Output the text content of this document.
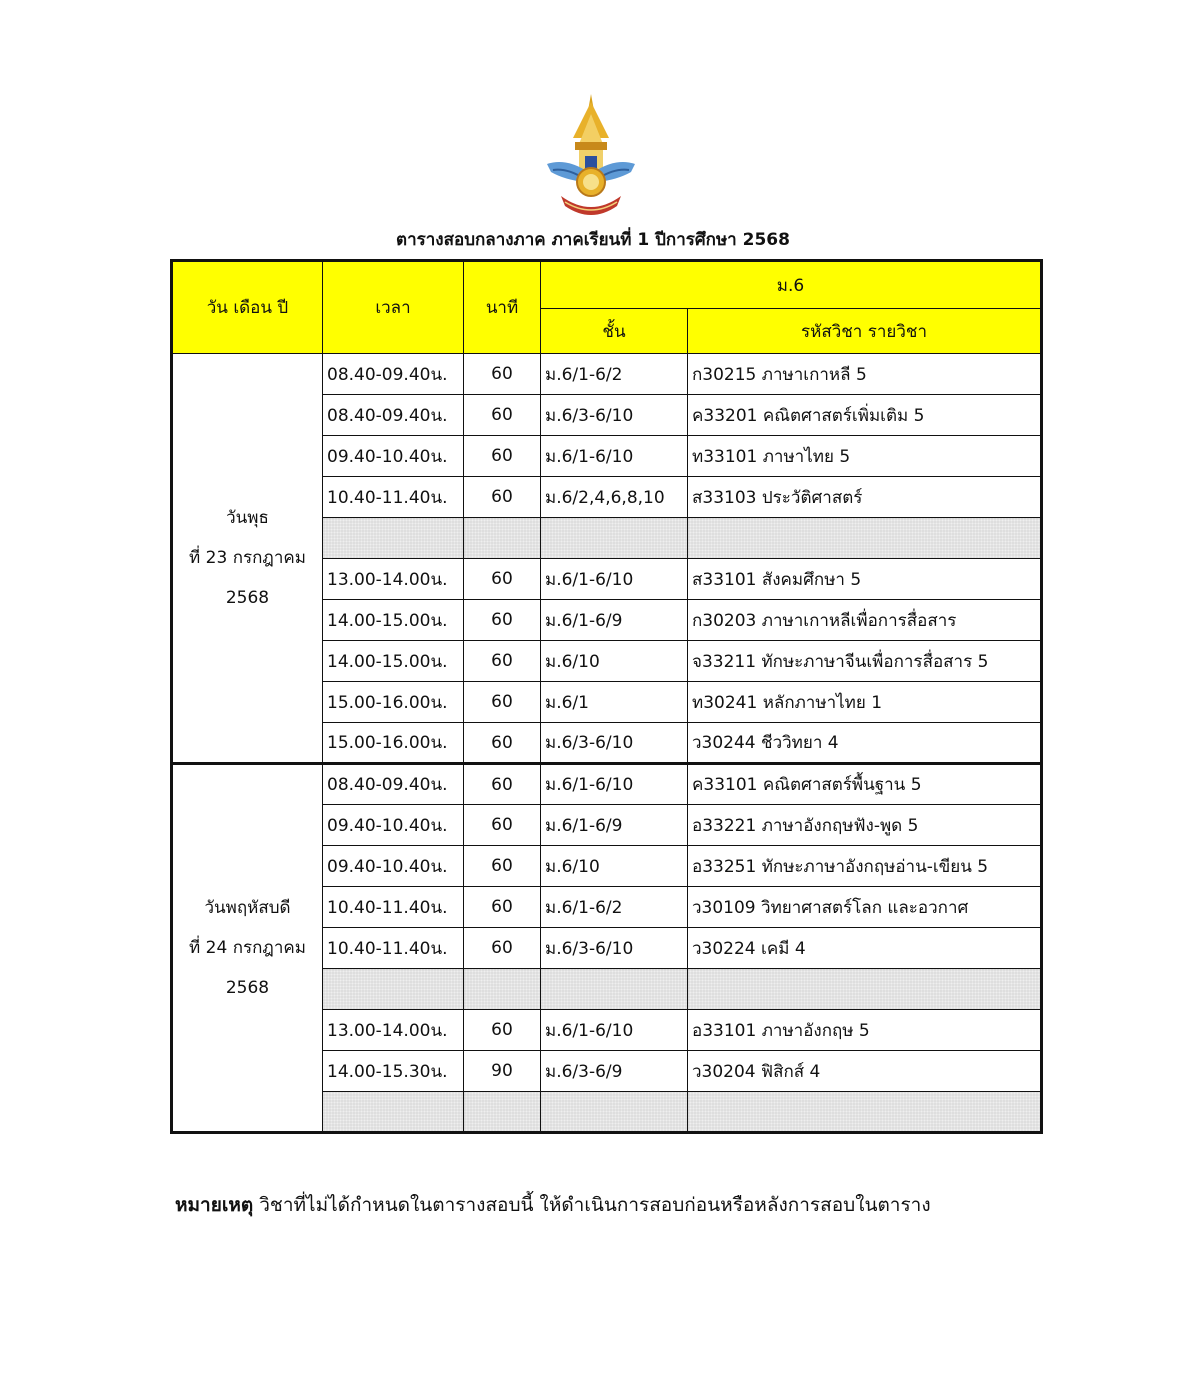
ตารางสอบกลางภาค ภาคเรียนที่ 1 ปีการศึกษา 2568
วัน เดือน ปี	เวลา	นาที	ม.6	
			ชั้น	รหัสวิชา รายวิชา

วันพุธ
ที่ 23 กรกฎาคม
2568	08.40-09.40น.	60	ม.6/1-6/2	ก30215 ภาษาเกาหลี 5
	08.40-09.40น.	60	ม.6/3-6/10	ค33201 คณิตศาสตร์เพิ่มเติม 5
	09.40-10.40น.	60	ม.6/1-6/10	ท33101 ภาษาไทย 5
	10.40-11.40น.	60	ม.6/2,4,6,8,10	ส33103 ประวัติศาสตร์

	13.00-14.00น.	60	ม.6/1-6/10	ส33101 สังคมศึกษา 5
	14.00-15.00น.	60	ม.6/1-6/9	ก30203 ภาษาเกาหลีเพื่อการสื่อสาร
	14.00-15.00น.	60	ม.6/10	จ33211 ทักษะภาษาจีนเพื่อการสื่อสาร 5
	15.00-16.00น.	60	ม.6/1	ท30241 หลักภาษาไทย 1
	15.00-16.00น.	60	ม.6/3-6/10	ว30244 ชีววิทยา 4

วันพฤหัสบดี
ที่ 24 กรกฎาคม
2568	08.40-09.40น.	60	ม.6/1-6/10	ค33101 คณิตศาสตร์พื้นฐาน 5
	09.40-10.40น.	60	ม.6/1-6/9	อ33221 ภาษาอังกฤษฟัง-พูด 5
	09.40-10.40น.	60	ม.6/10	อ33251 ทักษะภาษาอังกฤษอ่าน-เขียน 5
	10.40-11.40น.	60	ม.6/1-6/2	ว30109 วิทยาศาสตร์โลก และอวกาศ
	10.40-11.40น.	60	ม.6/3-6/10	ว30224 เคมี 4

	13.00-14.00น.	60	ม.6/1-6/10	อ33101 ภาษาอังกฤษ 5
	14.00-15.30น.	90	ม.6/3-6/9	ว30204 ฟิสิกส์ 4

หมายเหตุ วิชาที่ไม่ได้กำหนดในตารางสอบนี้ ให้ดำเนินการสอบก่อนหรือหลังการสอบในตาราง
